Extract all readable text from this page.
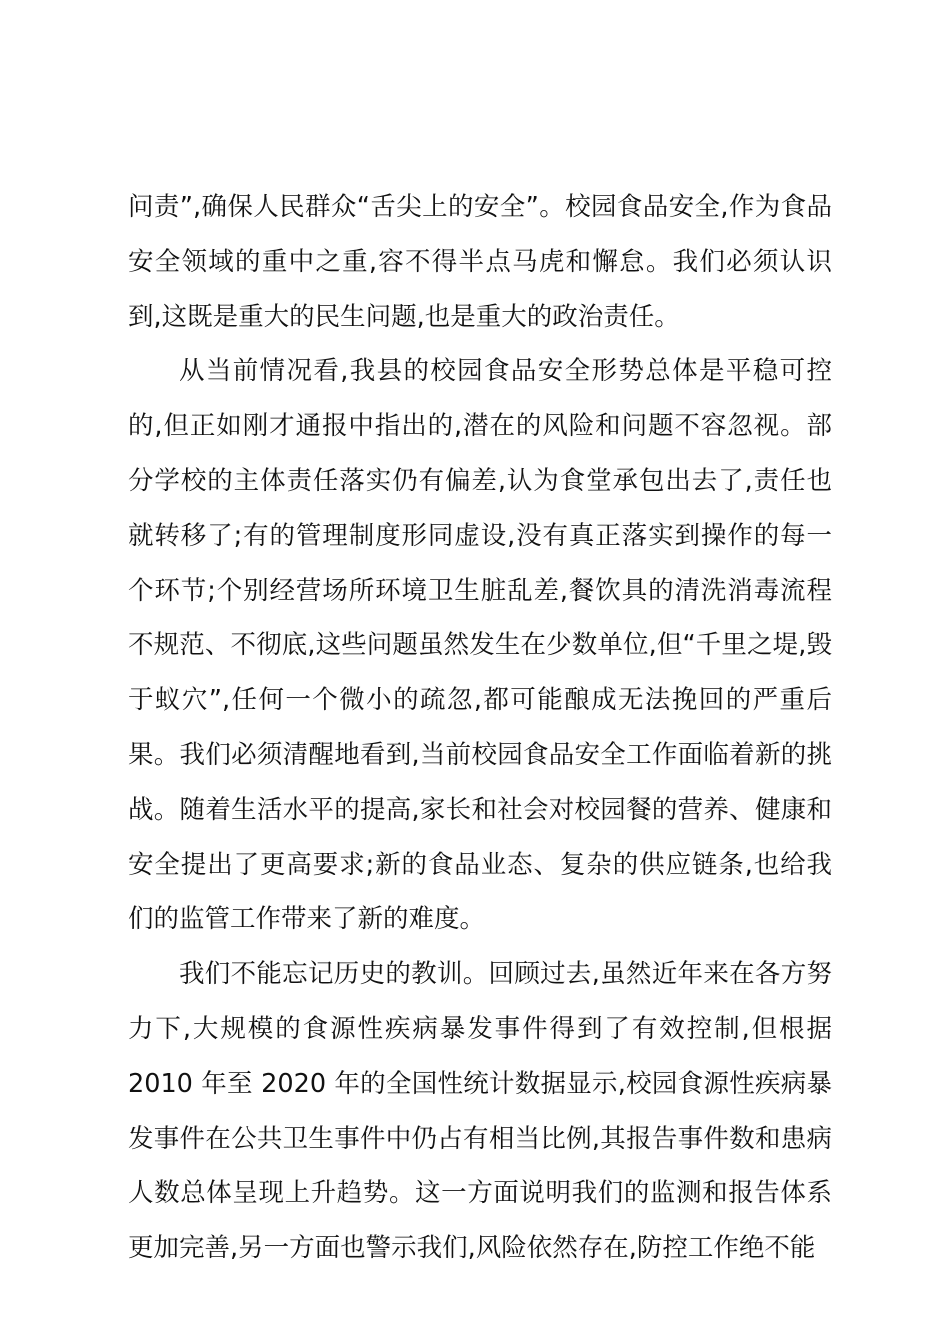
问责”,确保人民群众“舌尖上的安全”。校园食品安全,作为食品安全领域的重中之重,容不得半点马虎和懈怠。我们必须认识到,这既是重大的民生问题,也是重大的政治责任。

从当前情况看,我县的校园食品安全形势总体是平稳可控的,但正如刚才通报中指出的,潜在的风险和问题不容忽视。部分学校的主体责任落实仍有偏差,认为食堂承包出去了,责任也就转移了;有的管理制度形同虚设,没有真正落实到操作的每一个环节;个别经营场所环境卫生脏乱差,餐饮具的清洗消毒流程不规范、不彻底,这些问题虽然发生在少数单位,但“千里之堤,毁于蚁穴”,任何一个微小的疏忽,都可能酿成无法挽回的严重后果。我们必须清醒地看到,当前校园食品安全工作面临着新的挑战。随着生活水平的提高,家长和社会对校园餐的营养、健康和安全提出了更高要求;新的食品业态、复杂的供应链条,也给我们的监管工作带来了新的难度。

我们不能忘记历史的教训。回顾过去,虽然近年来在各方努力下,大规模的食源性疾病暴发事件得到了有效控制,但根据2010 年至 2020 年的全国性统计数据显示,校园食源性疾病暴发事件在公共卫生事件中仍占有相当比例,其报告事件数和患病人数总体呈现上升趋势。这一方面说明我们的监测和报告体系更加完善,另一方面也警示我们,风险依然存在,防控工作绝不能
